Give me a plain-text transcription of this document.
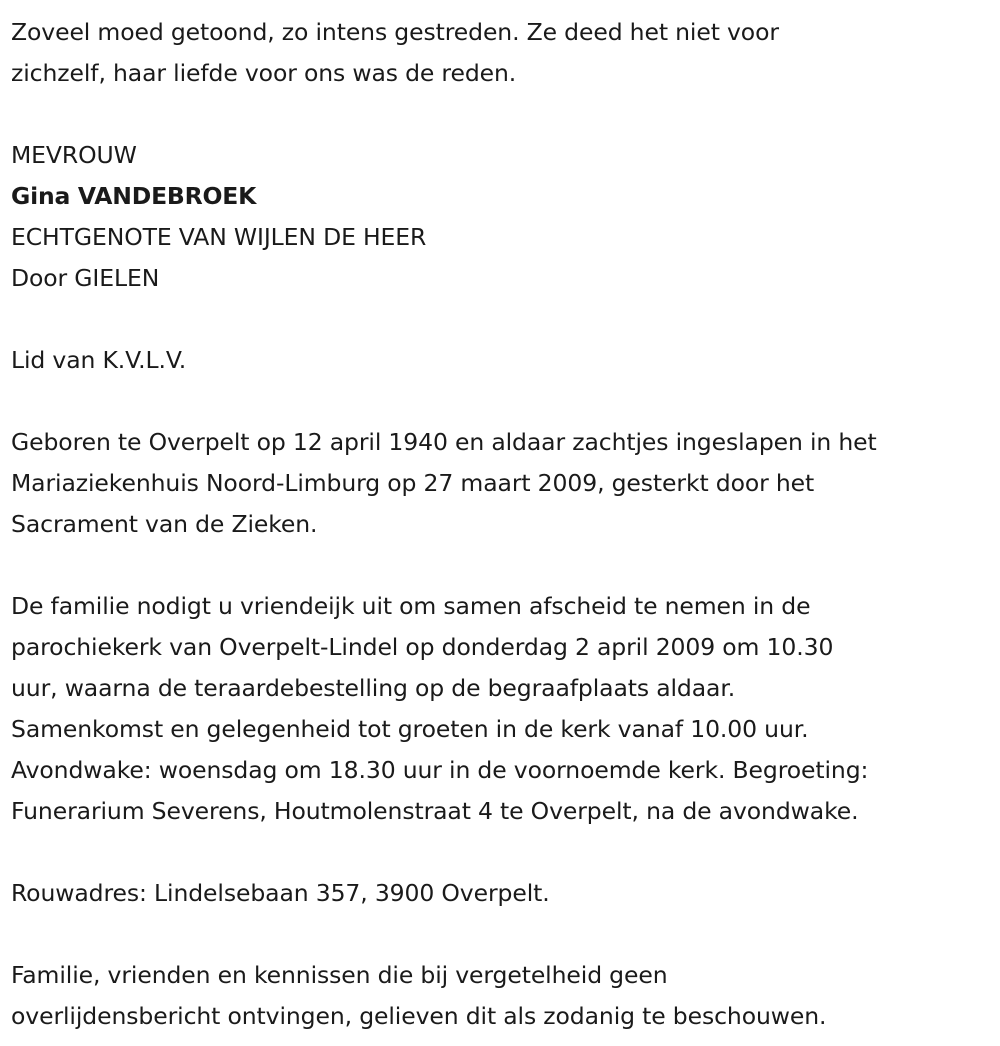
Zoveel moed getoond, zo intens gestreden. Ze deed het niet voor
zichzelf, haar liefde voor ons was de reden.
MEVROUW
Gina VANDEBROEK
ECHTGENOTE VAN WIJLEN DE HEER
Door GIELEN
Lid van K.V.L.V.
Geboren te Overpelt op 12 april 1940 en aldaar zachtjes ingeslapen in het
Mariaziekenhuis Noord-Limburg op 27 maart 2009, gesterkt door het
Sacrament van de Zieken.
De familie nodigt u vriendeijk uit om samen afscheid te nemen in de
parochiekerk van Overpelt-Lindel op donderdag 2 april 2009 om 10.30
uur, waarna de teraardebestelling op de begraafplaats aldaar.
Samenkomst en gelegenheid tot groeten in de kerk vanaf 10.00 uur.
Avondwake: woensdag om 18.30 uur in de voornoemde kerk. Begroeting:
Funerarium Severens, Houtmolenstraat 4 te Overpelt, na de avondwake.
Rouwadres: Lindelsebaan 357, 3900 Overpelt.
Familie, vrienden en kennissen die bij vergetelheid geen
overlijdensbericht ontvingen, gelieven dit als zodanig te beschouwen.
